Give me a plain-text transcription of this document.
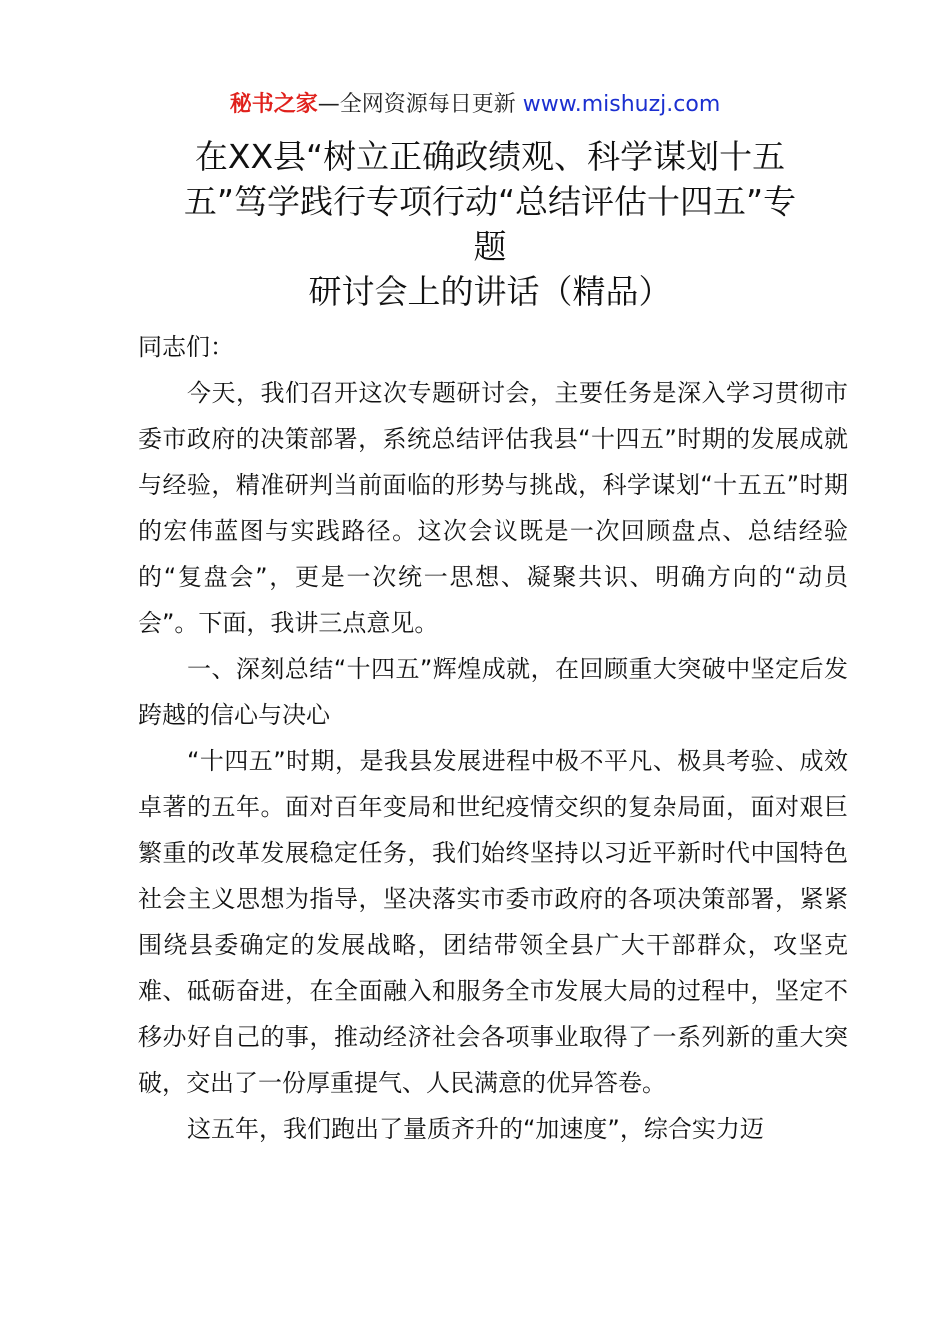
秘书之家—全网资源每日更新 www.mishuzj.com
在XX县“树立正确政绩观、科学谋划十五
五”笃学践行专项行动“总结评估十四五”专
题
研讨会上的讲话（精品）

同志们：

今天，我们召开这次专题研讨会，主要任务是深入学习贯彻市委市政府的决策部署，系统总结评估我县“十四五”时期的发展成就与经验，精准研判当前面临的形势与挑战，科学谋划“十五五”时期的宏伟蓝图与实践路径。这次会议既是一次回顾盘点、总结经验的“复盘会”，更是一次统一思想、凝聚共识、明确方向的“动员会”。下面，我讲三点意见。

一、深刻总结“十四五”辉煌成就，在回顾重大突破中坚定后发跨越的信心与决心

“十四五”时期，是我县发展进程中极不平凡、极具考验、成效卓著的五年。面对百年变局和世纪疫情交织的复杂局面，面对艰巨繁重的改革发展稳定任务，我们始终坚持以习近平新时代中国特色社会主义思想为指导，坚决落实市委市政府的各项决策部署，紧紧围绕县委确定的发展战略，团结带领全县广大干部群众，攻坚克难、砥砺奋进，在全面融入和服务全市发展大局的过程中，坚定不移办好自己的事，推动经济社会各项事业取得了一系列新的重大突破，交出了一份厚重提气、人民满意的优异答卷。

这五年，我们跑出了量质齐升的“加速度”，综合实力迈
